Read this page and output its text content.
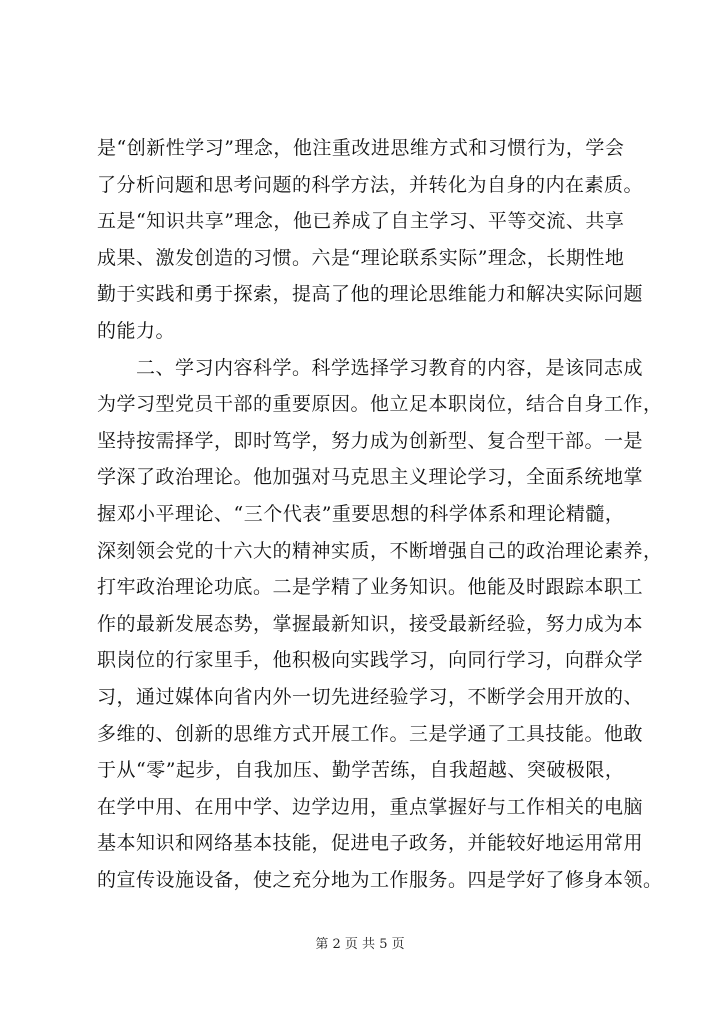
是“创新性学习”理念，他注重改进思维方式和习惯行为，学会
了分析问题和思考问题的科学方法，并转化为自身的内在素质。
五是“知识共享”理念，他已养成了自主学习、平等交流、共享
成果、激发创造的习惯。六是“理论联系实际”理念，长期性地
勤于实践和勇于探索，提高了他的理论思维能力和解决实际问题
的能力。
　　二、学习内容科学。科学选择学习教育的内容，是该同志成
为学习型党员干部的重要原因。他立足本职岗位，结合自身工作，
坚持按需择学，即时笃学，努力成为创新型、复合型干部。一是
学深了政治理论。他加强对马克思主义理论学习，全面系统地掌
握邓小平理论、“三个代表”重要思想的科学体系和理论精髓，
深刻领会党的十六大的精神实质，不断增强自己的政治理论素养，
打牢政治理论功底。二是学精了业务知识。他能及时跟踪本职工
作的最新发展态势，掌握最新知识，接受最新经验，努力成为本
职岗位的行家里手，他积极向实践学习，向同行学习，向群众学
习，通过媒体向省内外一切先进经验学习，不断学会用开放的、
多维的、创新的思维方式开展工作。三是学通了工具技能。他敢
于从“零”起步，自我加压、勤学苦练，自我超越、突破极限，
在学中用、在用中学、边学边用，重点掌握好与工作相关的电脑
基本知识和网络基本技能，促进电子政务，并能较好地运用常用
的宣传设施设备，使之充分地为工作服务。四是学好了修身本领。
第 2 页 共 5 页
